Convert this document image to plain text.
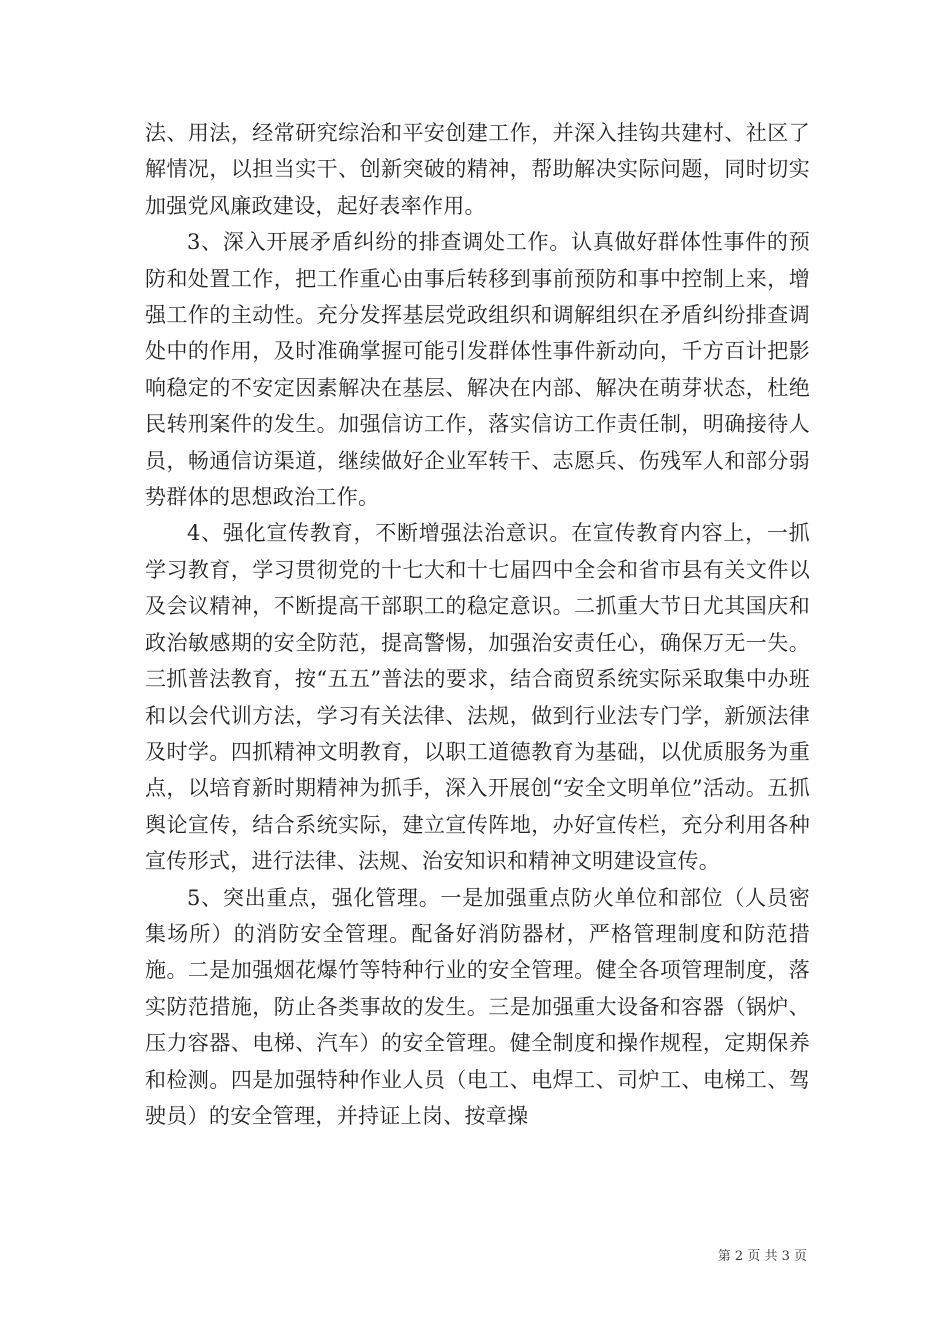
法、用法，经常研究综治和平安创建工作，并深入挂钩共建村、社区了解情况，以担当实干、创新突破的精神，帮助解决实际问题，同时切实加强党风廉政建设，起好表率作用。

3、深入开展矛盾纠纷的排查调处工作。认真做好群体性事件的预防和处置工作，把工作重心由事后转移到事前预防和事中控制上来，增强工作的主动性。充分发挥基层党政组织和调解组织在矛盾纠纷排查调处中的作用，及时准确掌握可能引发群体性事件新动向，千方百计把影响稳定的不安定因素解决在基层、解决在内部、解决在萌芽状态，杜绝民转刑案件的发生。加强信访工作，落实信访工作责任制，明确接待人员，畅通信访渠道，继续做好企业军转干、志愿兵、伤残军人和部分弱势群体的思想政治工作。

4、强化宣传教育，不断增强法治意识。在宣传教育内容上，一抓学习教育，学习贯彻党的十七大和十七届四中全会和省市县有关文件以及会议精神，不断提高干部职工的稳定意识。二抓重大节日尤其国庆和政治敏感期的安全防范，提高警惕，加强治安责任心，确保万无一失。三抓普法教育，按“五五”普法的要求，结合商贸系统实际采取集中办班和以会代训方法，学习有关法律、法规，做到行业法专门学，新颁法律及时学。四抓精神文明教育，以职工道德教育为基础，以优质服务为重点，以培育新时期精神为抓手，深入开展创“安全文明单位”活动。五抓舆论宣传，结合系统实际，建立宣传阵地，办好宣传栏，充分利用各种宣传形式，进行法律、法规、治安知识和精神文明建设宣传。

5、突出重点，强化管理。一是加强重点防火单位和部位（人员密集场所）的消防安全管理。配备好消防器材，严格管理制度和防范措施。二是加强烟花爆竹等特种行业的安全管理。健全各项管理制度，落实防范措施，防止各类事故的发生。三是加强重大设备和容器（锅炉、压力容器、电梯、汽车）的安全管理。健全制度和操作规程，定期保养和检测。四是加强特种作业人员（电工、电焊工、司炉工、电梯工、驾驶员）的安全管理，并持证上岗、按章操

第 2 页 共 3 页
